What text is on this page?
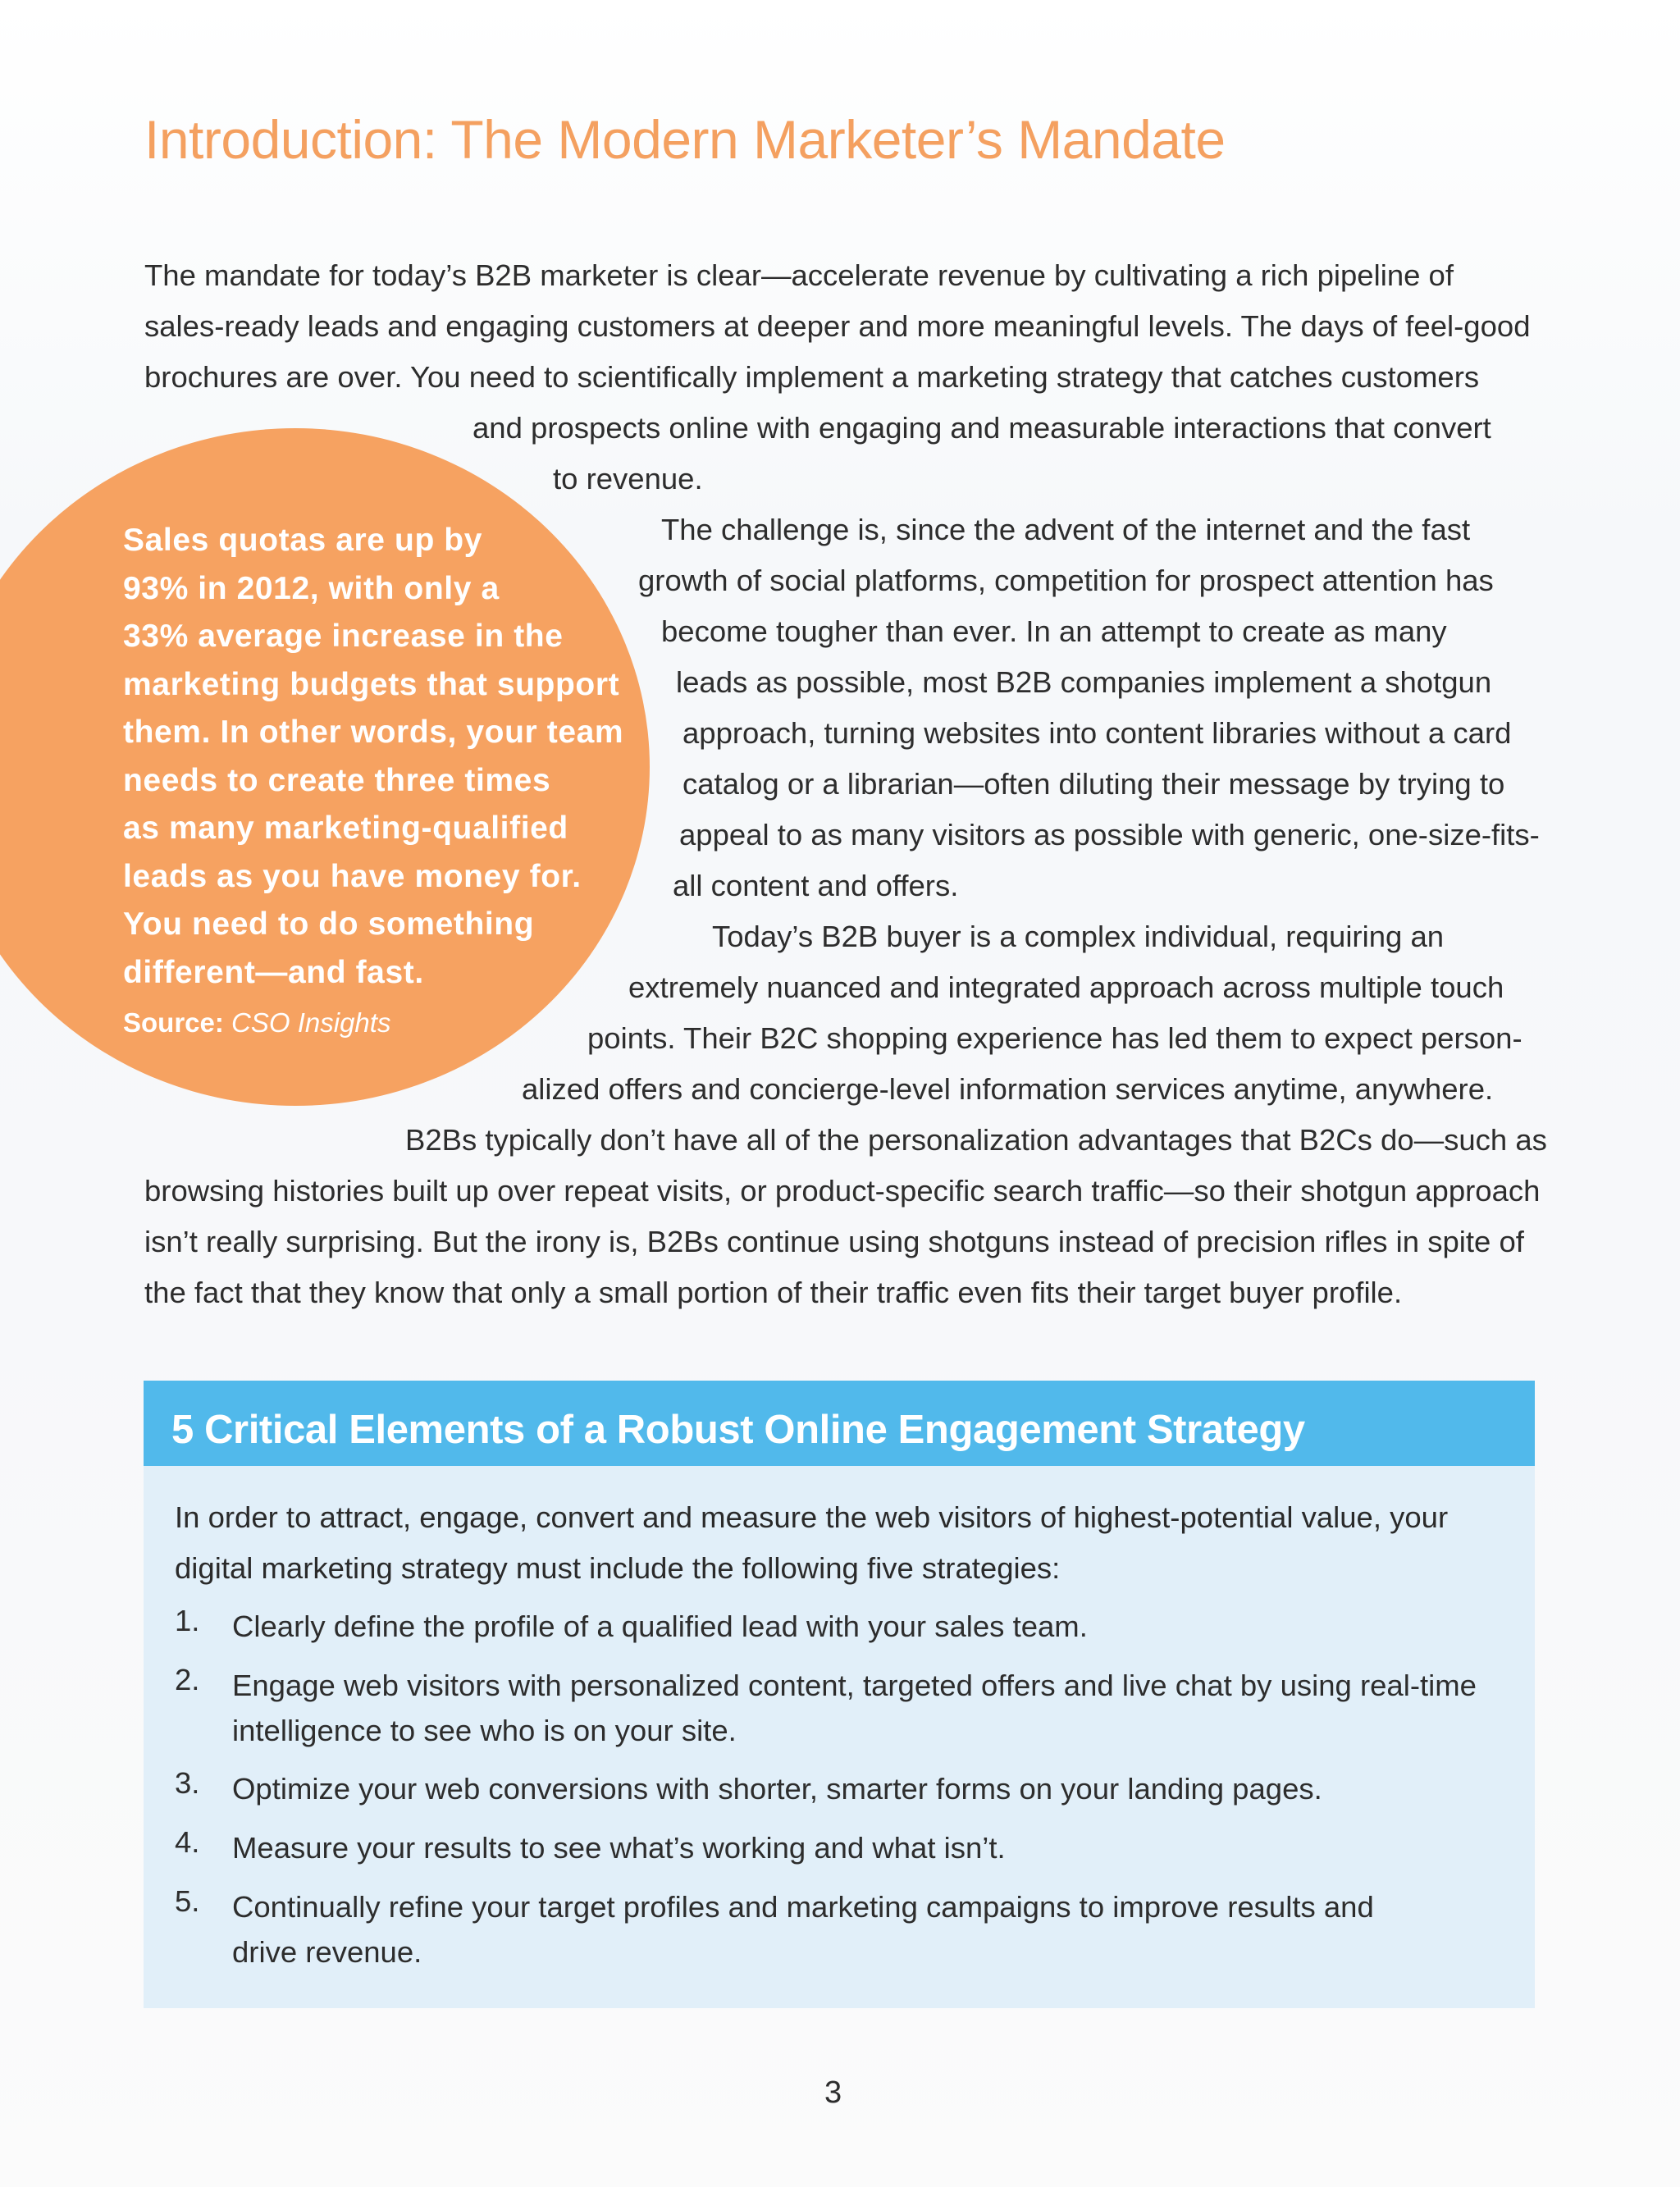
Introduction: The Modern Marketer’s Mandate
Sales quotas are up by
93% in 2012, with only a
33% average increase in the
marketing budgets that support
them. In other words, your team
needs to create three times
as many marketing-qualified
leads as you have money for.
You need to do something
different—and fast.
Source: CSO Insights

The mandate for today’s B2B marketer is clear—accelerate revenue by cultivating a rich pipeline of

sales-ready leads and engaging customers at deeper and more meaningful levels. The days of feel-good

brochures are over. You need to scientifically implement a marketing strategy that catches customers

and prospects online with engaging and measurable interactions that convert

to revenue.

The challenge is, since the advent of the internet and the fast

growth of social platforms, competition for prospect attention has

become tougher than ever. In an attempt to create as many

leads as possible, most B2B companies implement a shotgun

approach, turning websites into content libraries without a card

catalog or a librarian—often diluting their message by trying to

appeal to as many visitors as possible with generic, one-size-fits-

all content and offers.

Today’s B2B buyer is a complex individual, requiring an

extremely nuanced and integrated approach across multiple touch

points. Their B2C shopping experience has led them to expect person-

alized offers and concierge-level information services anytime, anywhere.

B2Bs typically don’t have all of the personalization advantages that B2Cs do—such as

browsing histories built up over repeat visits, or product-specific search traffic—so their shotgun approach

isn’t really surprising. But the irony is, B2Bs continue using shotguns instead of precision rifles in spite of

the fact that they know that only a small portion of their traffic even fits their target buyer profile.

5 Critical Elements of a Robust Online Engagement Strategy
In order to attract, engage, convert and measure the web visitors of highest-potential value, your
digital marketing strategy must include the following five strategies:
1. Clearly define the profile of a qualified lead with your sales team.
2. Engage web visitors with personalized content, targeted offers and live chat by using real-time
intelligence to see who is on your site.
3. Optimize your web conversions with shorter, smarter forms on your landing pages.
4. Measure your results to see what’s working and what isn’t.
5. Continually refine your target profiles and marketing campaigns to improve results and
drive revenue.
3
